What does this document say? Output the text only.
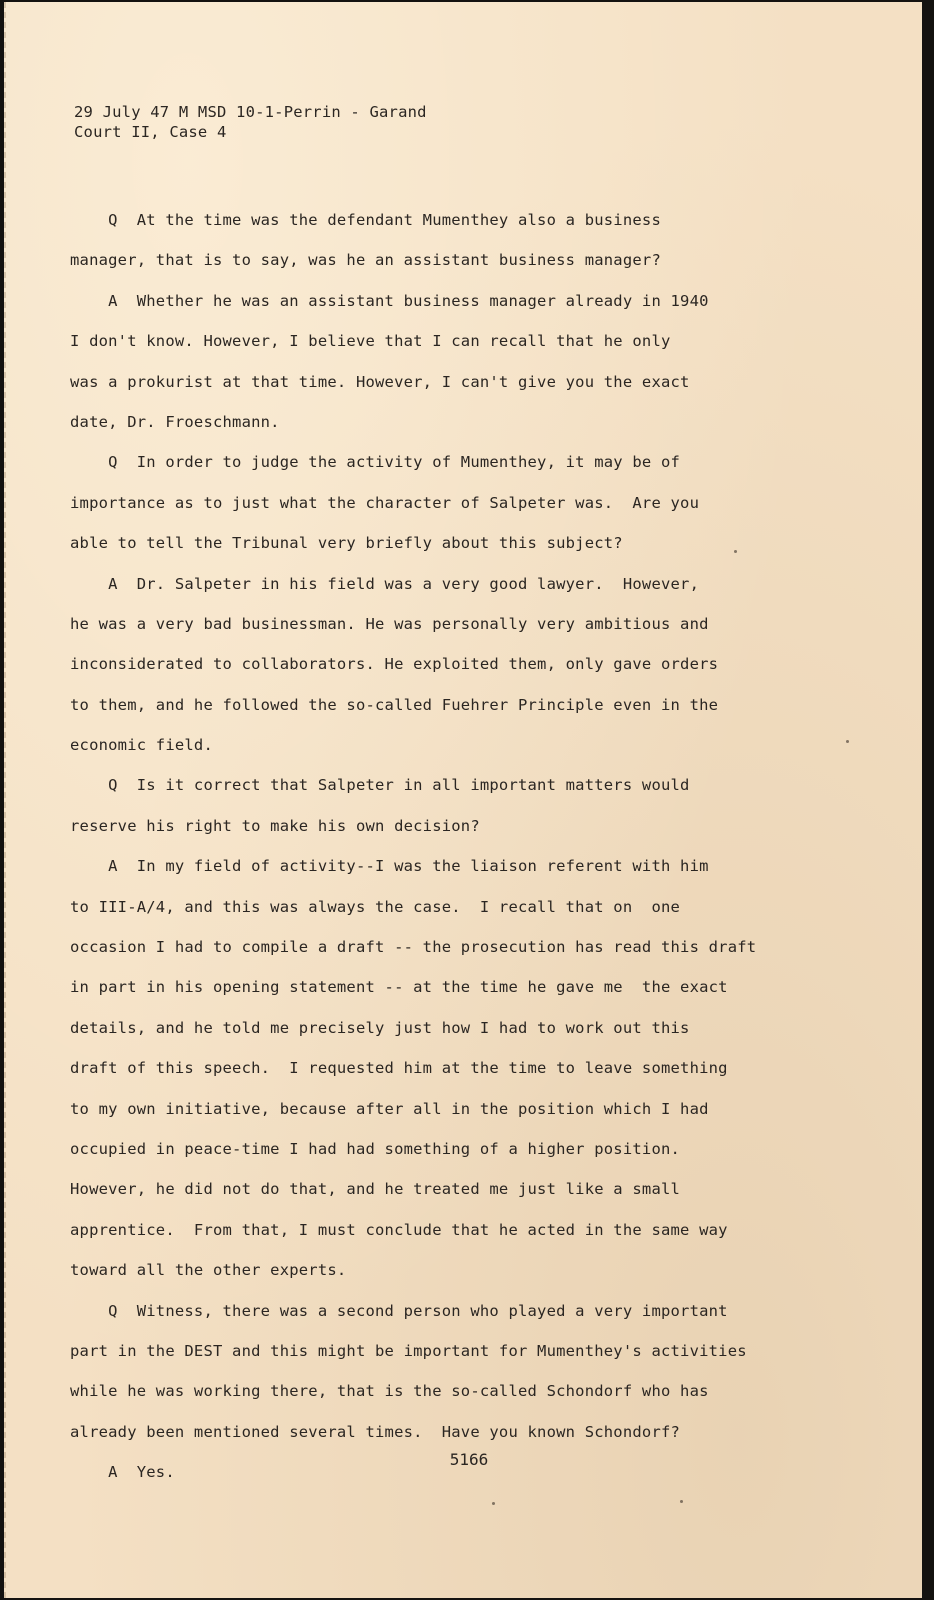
29 July 47 M MSD 10-1-Perrin - Garand
Court II, Case 4
Q  At the time was the defendant Mumenthey also a business
manager, that is to say, was he an assistant business manager?
A  Whether he was an assistant business manager already in 1940
I don't know. However, I believe that I can recall that he only
was a prokurist at that time. However, I can't give you the exact
date, Dr. Froeschmann.
Q  In order to judge the activity of Mumenthey, it may be of
importance as to just what the character of Salpeter was.  Are you
able to tell the Tribunal very briefly about this subject?
A  Dr. Salpeter in his field was a very good lawyer.  However,
he was a very bad businessman. He was personally very ambitious and
inconsiderated to collaborators. He exploited them, only gave orders
to them, and he followed the so-called Fuehrer Principle even in the
economic field.
Q  Is it correct that Salpeter in all important matters would
reserve his right to make his own decision?
A  In my field of activity--I was the liaison referent with him
to III-A/4, and this was always the case.  I recall that on  one
occasion I had to compile a draft -- the prosecution has read this draft
in part in his opening statement -- at the time he gave me  the exact
details, and he told me precisely just how I had to work out this
draft of this speech.  I requested him at the time to leave something
to my own initiative, because after all in the position which I had
occupied in peace-time I had had something of a higher position.
However, he did not do that, and he treated me just like a small
apprentice.  From that, I must conclude that he acted in the same way
toward all the other experts.
Q  Witness, there was a second person who played a very important
part in the DEST and this might be important for Mumenthey's activities
while he was working there, that is the so-called Schondorf who has
already been mentioned several times.  Have you known Schondorf?
A  Yes.
5166
